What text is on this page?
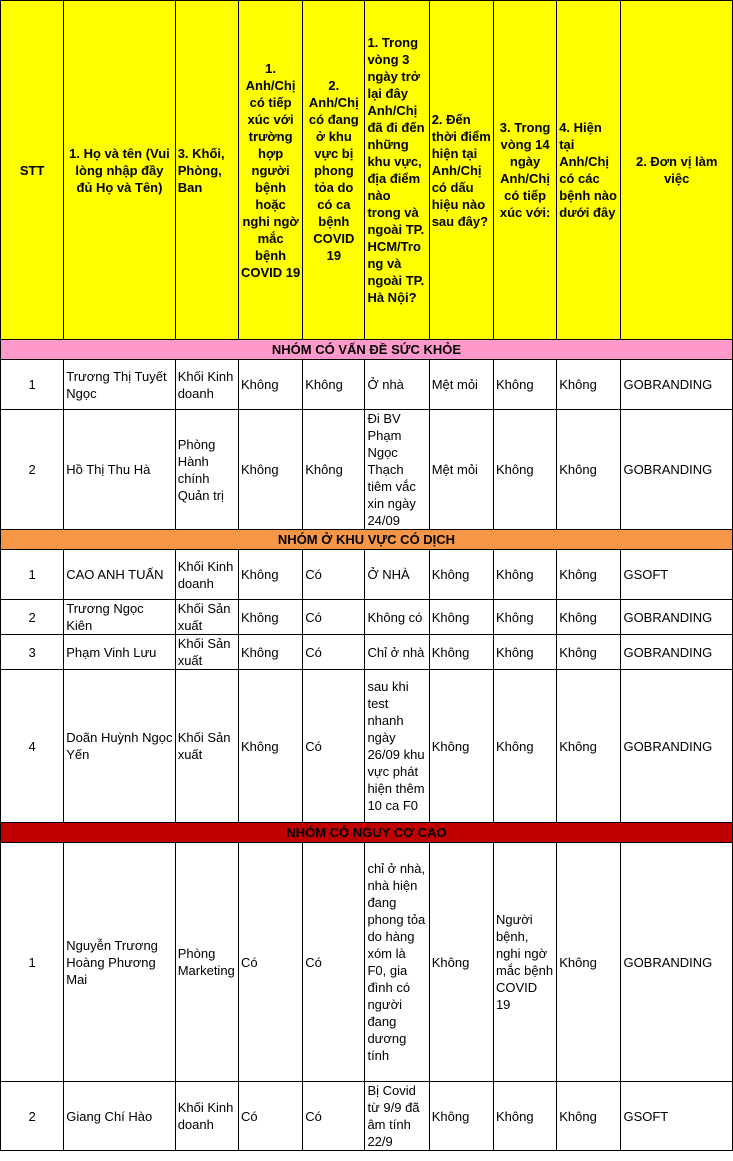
STT	1. Họ và tên (Vui lòng nhập đầy đủ Họ và Tên)	3. Khối, Phòng, Ban	1. Anh/Chị có tiếp xúc với trường hợp người bệnh hoặc nghi ngờ mắc bệnh COVID 19	2. Anh/Chị có đang ở khu vực bị phong tỏa do có ca bệnh COVID 19	1. Trong vòng 3 ngày trở lại đây Anh/Chị đã đi đến những khu vực, địa điểm nào trong và ngoài TP. HCM/Trong và ngoài TP. Hà Nội?	2. Đến thời điểm hiện tại Anh/Chị có dấu hiệu nào sau đây?	3. Trong vòng 14 ngày Anh/Chị có tiếp xúc với:	4. Hiện tại Anh/Chị có các bệnh nào dưới đây	2. Đơn vị làm việc
NHÓM CÓ VẤN ĐỀ SỨC KHỎE									
1	Trương Thị Tuyết Ngọc	Khối Kinh doanh	Không	Không	Ở nhà	Mệt mỏi	Không	Không	GOBRANDING
2	Hồ Thị Thu Hà	Phòng Hành chính Quản trị	Không	Không	Đi BV Phạm Ngọc Thạch tiêm vắc xin ngày 24/09	Mệt mỏi	Không	Không	GOBRANDING
NHÓM Ở KHU VỰC CÓ DỊCH									
1	CAO ANH TUẤN	Khối Kinh doanh	Không	Có	Ở NHÀ	Không	Không	Không	GSOFT
2	Trương Ngọc Kiên	Khối Sản xuất	Không	Có	Không có	Không	Không	Không	GOBRANDING
3	Phạm Vinh Lưu	Khối Sản xuất	Không	Có	Chỉ ở nhà	Không	Không	Không	GOBRANDING
4	Doãn Huỳnh Ngọc Yến	Khối Sản xuất	Không	Có	sau khi test nhanh ngày 26/09 khu vực phát hiện thêm 10 ca F0	Không	Không	Không	GOBRANDING
NHÓM CÓ NGUY CƠ CAO									
1	Nguyễn Trương Hoàng Phương Mai	Phòng Marketing	Có	Có	chỉ ở nhà, nhà hiện đang phong tỏa do hàng xóm là F0, gia đình có người đang dương tính	Không	Người bệnh, nghi ngờ mắc bệnh COVID 19	Không	GOBRANDING
2	Giang Chí Hào	Khối Kinh doanh	Có	Có	Bị Covid từ 9/9 đã âm tính 22/9	Không	Không	Không	GSOFT
